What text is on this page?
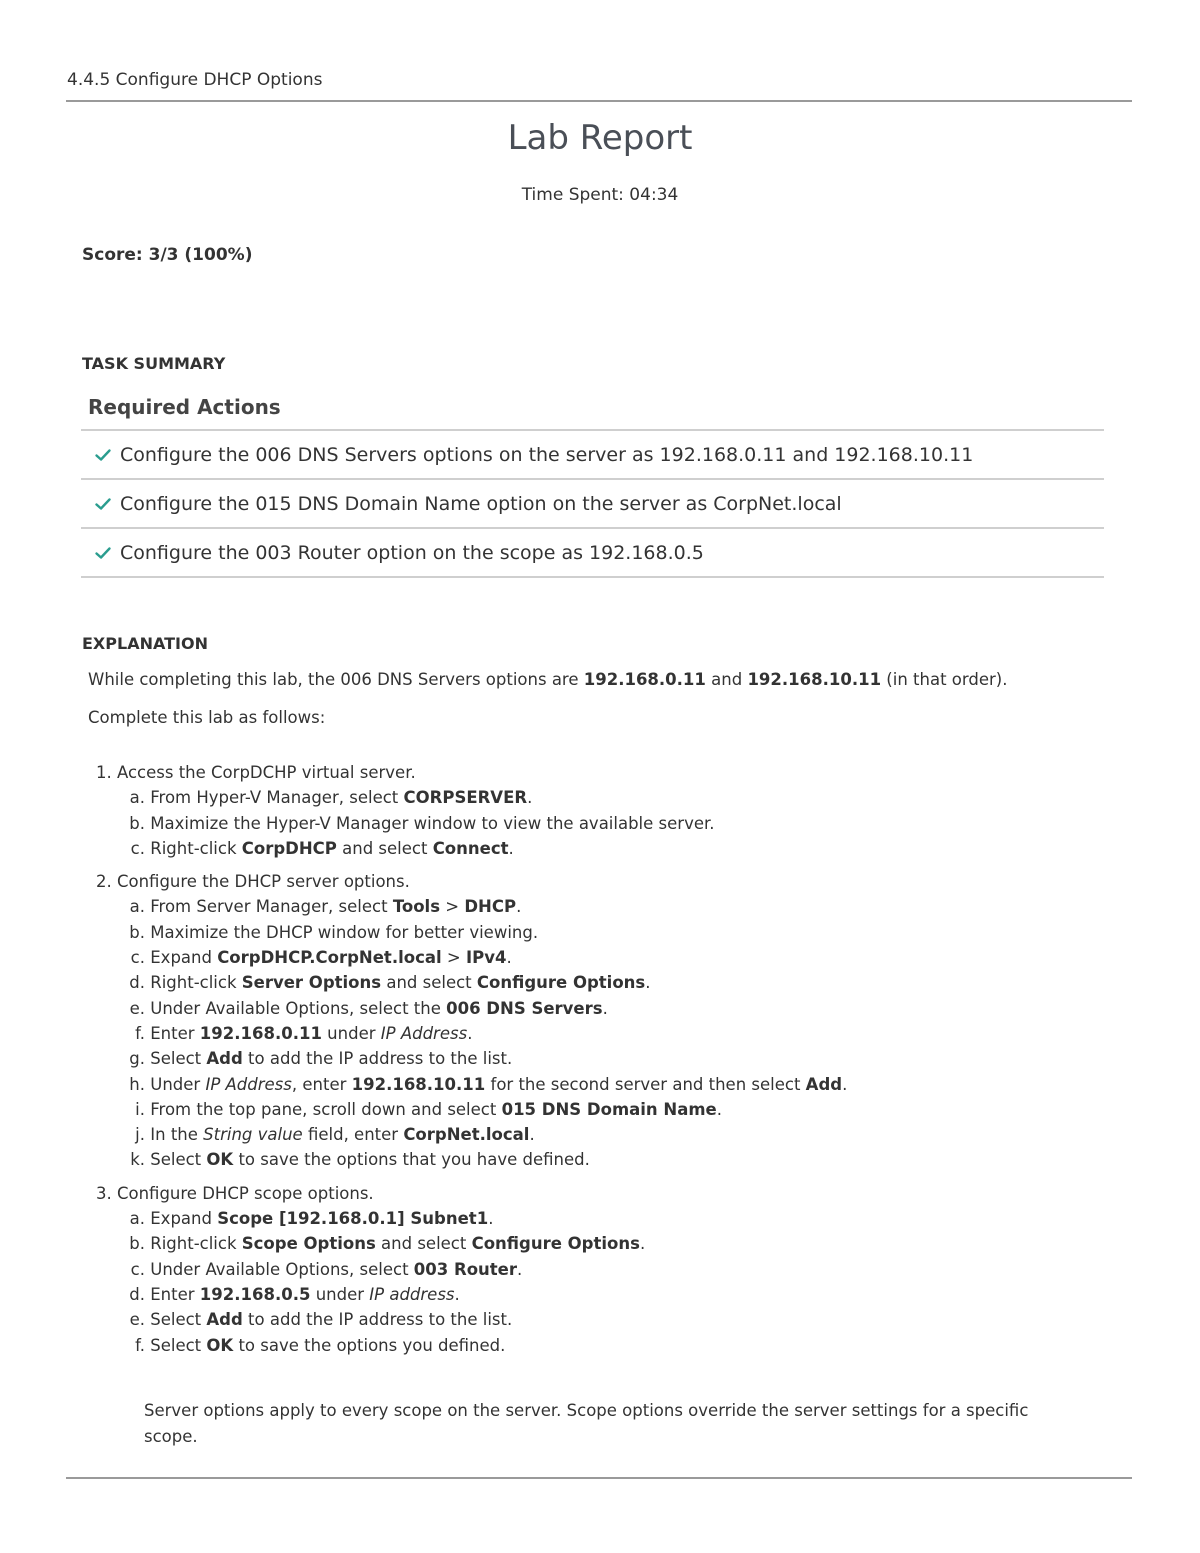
4.4.5 Configure DHCP Options
Lab Report
Time Spent: 04:34
Score: 3/3 (100%)
TASK SUMMARY
Required Actions
Configure the 006 DNS Servers options on the server as 192.168.0.11 and 192.168.10.11
Configure the 015 DNS Domain Name option on the server as CorpNet.local
Configure the 003 Router option on the scope as 192.168.0.5
EXPLANATION
While completing this lab, the 006 DNS Servers options are 192.168.0.11 and 192.168.10.11 (in that order).
Complete this lab as follows:
1. Access the CorpDCHP virtual server.
a.
From Hyper-V Manager, select CORPSERVER.
b.
Maximize the Hyper-V Manager window to view the available server.
c.
Right-click CorpDHCP and select Connect.
2. Configure the DHCP server options.
a.
From Server Manager, select Tools > DHCP.
b.
Maximize the DHCP window for better viewing.
c.
Expand CorpDHCP.CorpNet.local > IPv4.
d.
Right-click Server Options and select Configure Options.
e.
Under Available Options, select the 006 DNS Servers.
f.
Enter 192.168.0.11 under IP Address.
g.
Select Add to add the IP address to the list.
h.
Under IP Address, enter 192.168.10.11 for the second server and then select Add.
i.
From the top pane, scroll down and select 015 DNS Domain Name.
j.
In the String value field, enter CorpNet.local.
k.
Select OK to save the options that you have defined.
3. Configure DHCP scope options.
a.
Expand Scope [192.168.0.1] Subnet1.
b.
Right-click Scope Options and select Configure Options.
c.
Under Available Options, select 003 Router.
d.
Enter 192.168.0.5 under IP address.
e.
Select Add to add the IP address to the list.
f.
Select OK to save the options you defined.
Server options apply to every scope on the server. Scope options override the server settings for a specific scope.
